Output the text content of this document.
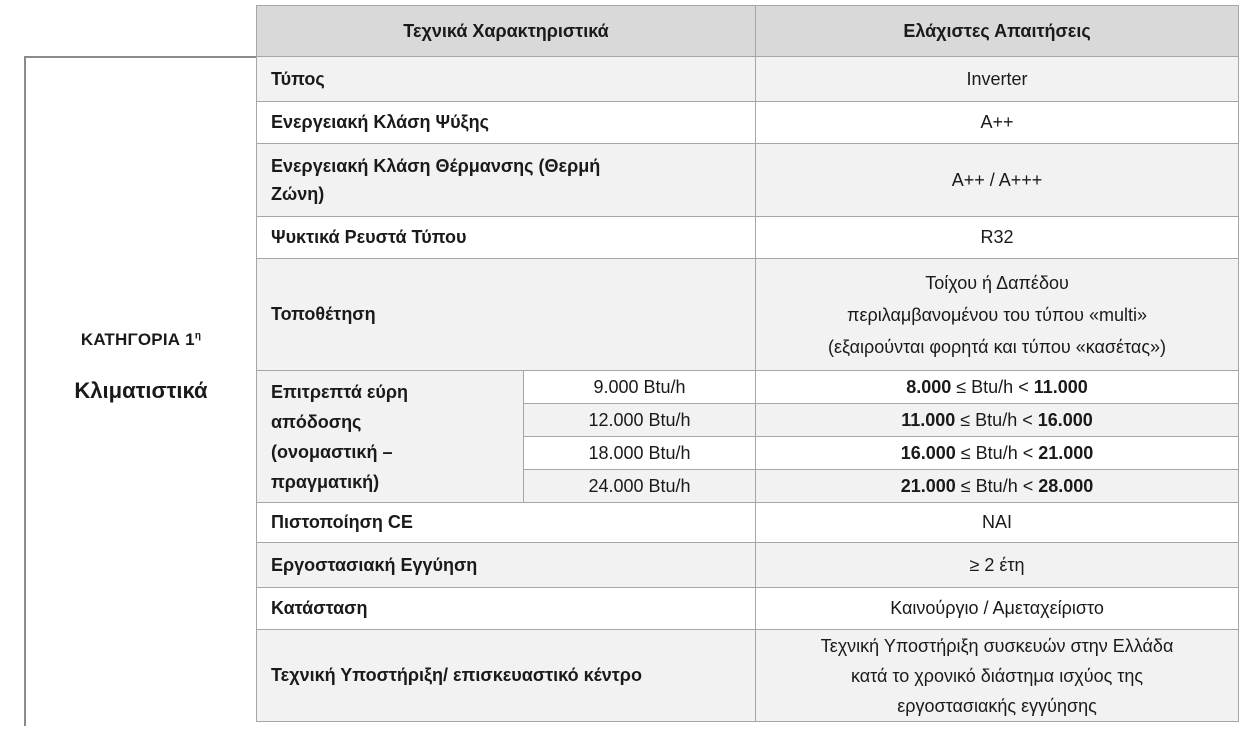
ΚΑΤΗΓΟΡΙΑ $1^\eta$
Κλιματιστικά
Τεχνικά Χαρακτηριστικά		Ελάχιστες Απαιτήσεις
Τύπος		Inverter
Ενεργειακή Κλάση Ψύξης		A++

Ενεργειακή Κλάση Θέρμανσης (Θερμή
Ζώνη)		A++ / A+++
Ψυκτικά Ρευστά Τύπου		R32
Τοποθέτηση		Τοίχου ή Δαπέδου
περιλαμβανομένου του τύπου «multi»
(εξαιρούνται φορητά και τύπου «κασέτας»)

Επιτρεπτά εύρη
απόδοσης
(ονομαστική –
πραγματική)	9.000 Btu/h	8.000 ≤ Btu/h < 11.000
	12.000 Btu/h	11.000 ≤ Btu/h < 16.000
	18.000 Btu/h	16.000 ≤ Btu/h < 21.000
	24.000 Btu/h	21.000 ≤ Btu/h < 28.000
Πιστοποίηση CE		ΝΑΙ
Εργοστασιακή Εγγύηση		≥ 2 έτη
Κατάσταση		Καινούργιο / Αμεταχείριστο
Τεχνική Υποστήριξη/ επισκευαστικό κέντρο		Τεχνική Υποστήριξη συσκευών στην Ελλάδα
κατά το χρονικό διάστημα ισχύος της
εργοστασιακής εγγύησης
